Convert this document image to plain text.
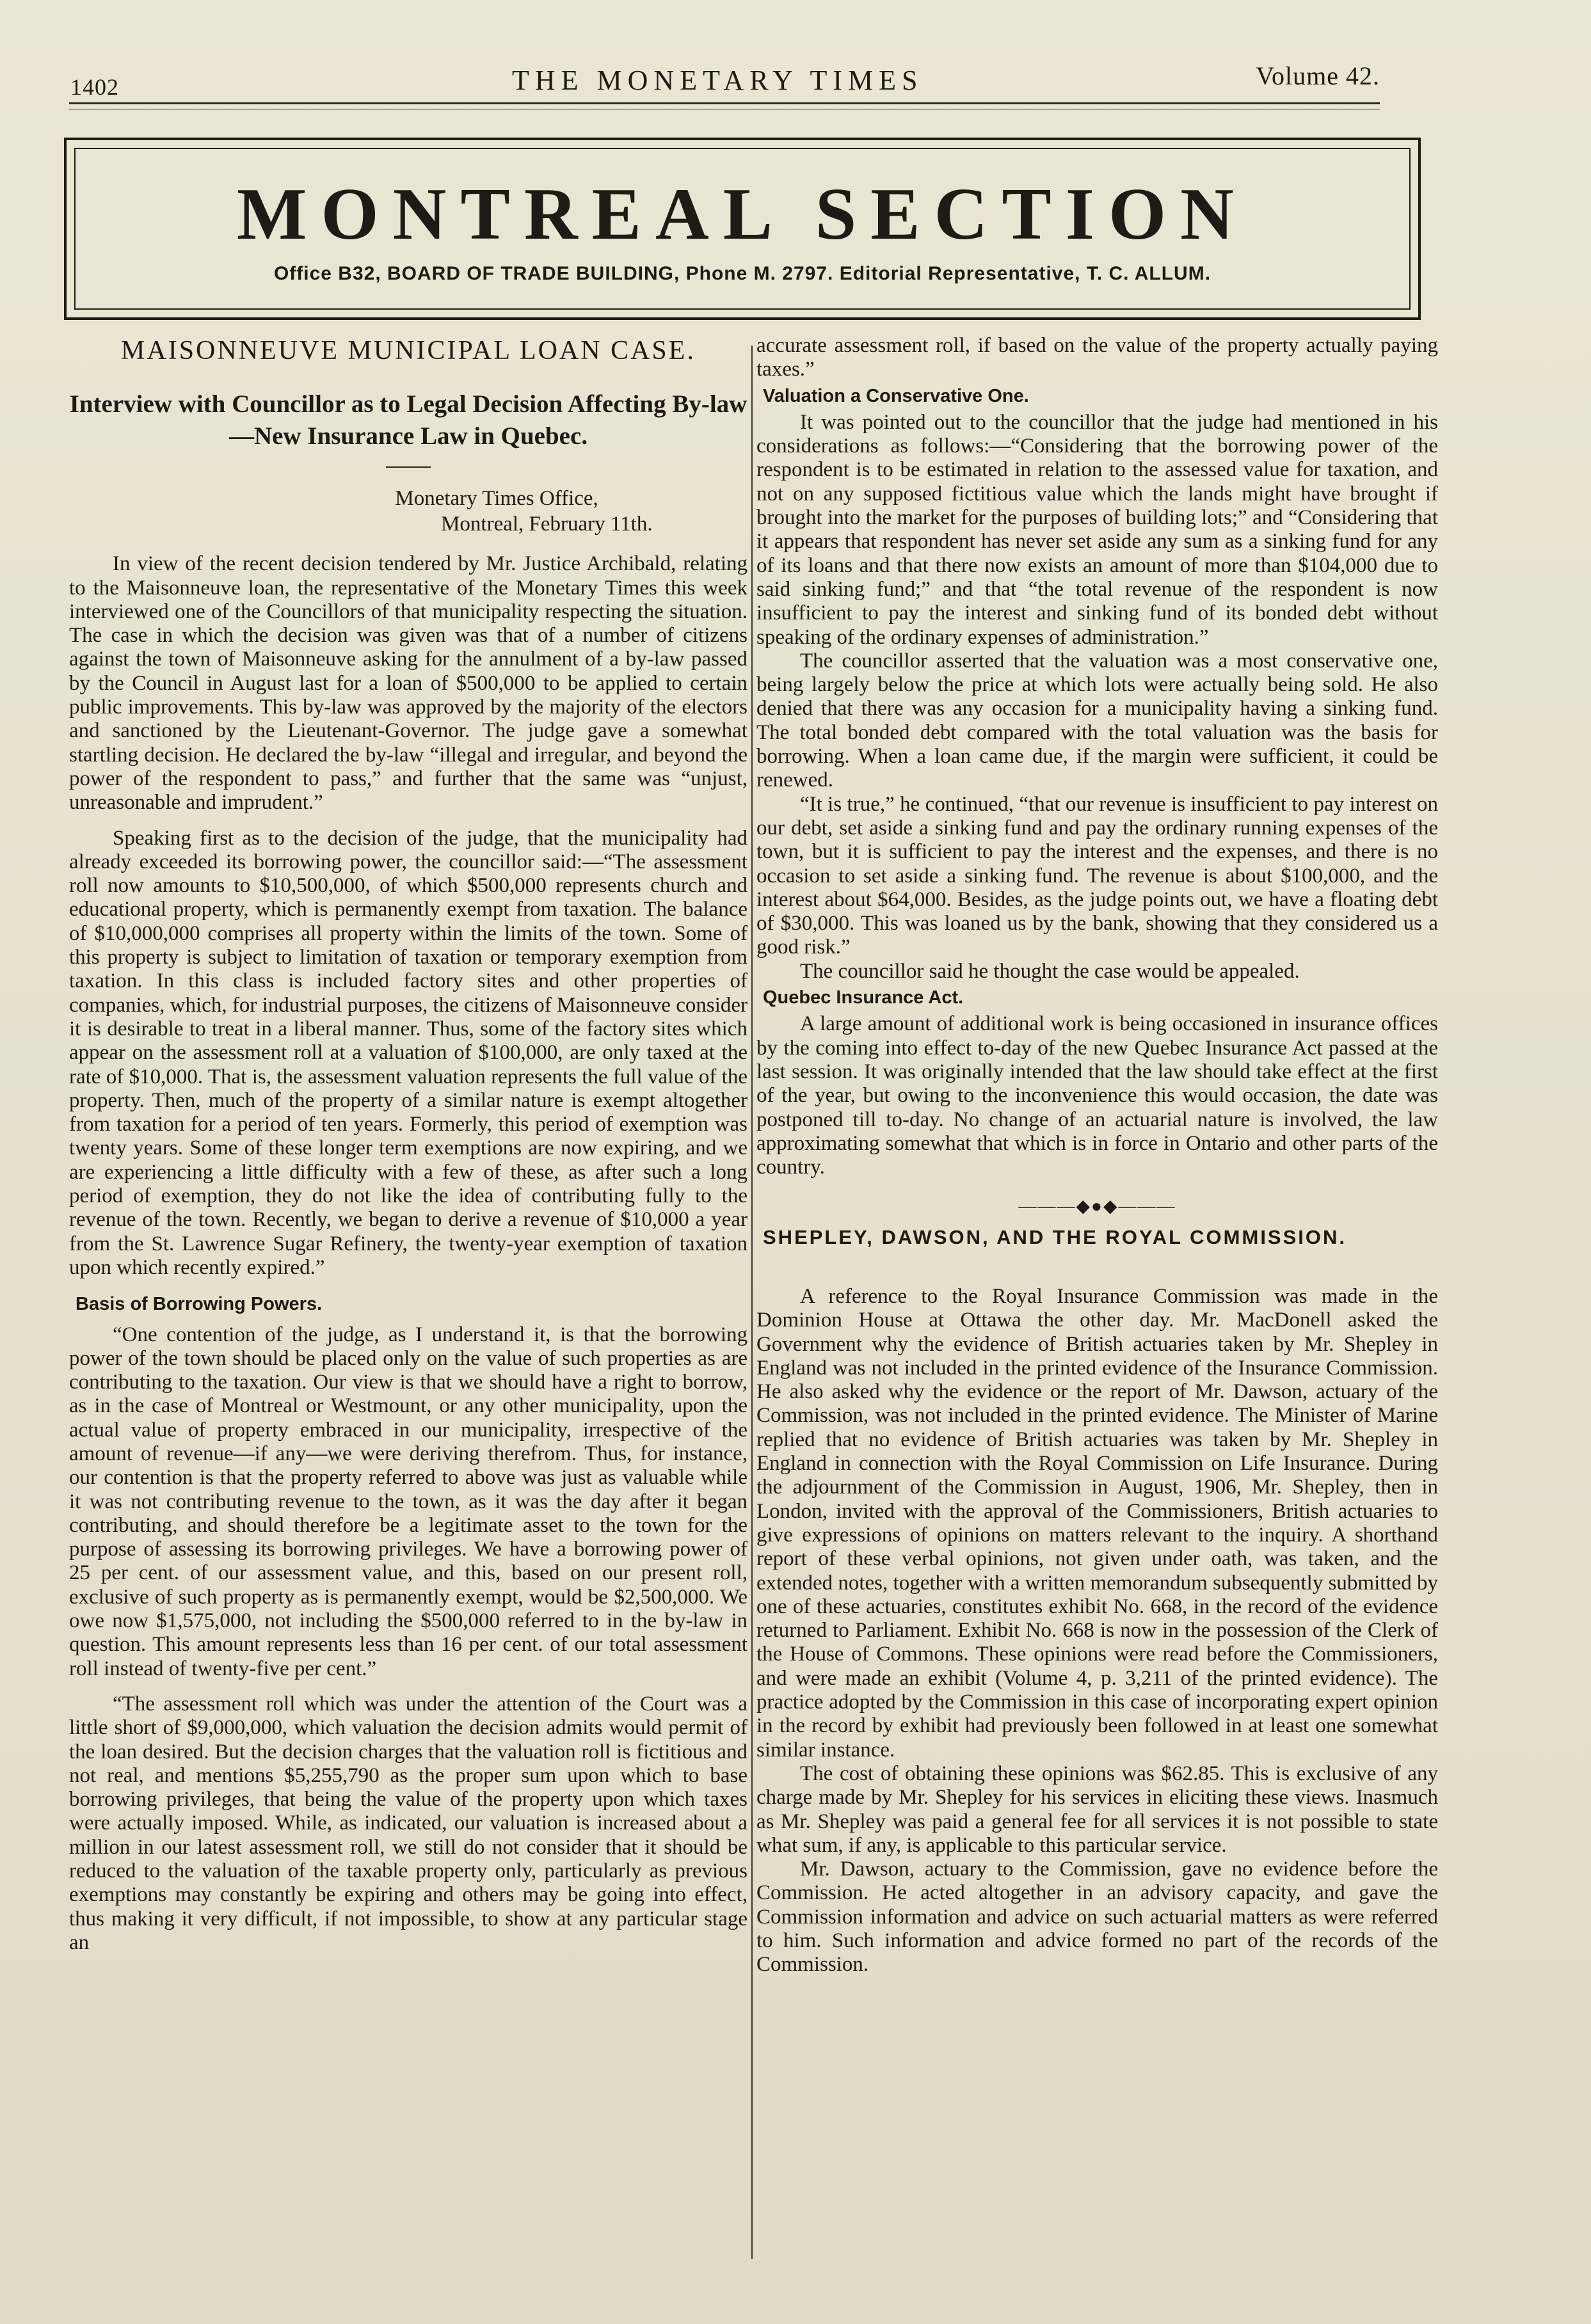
1402	THE MONETARY TIMES	Volume 42.
MONTREAL SECTION
Office B32, BOARD OF TRADE BUILDING, Phone M. 2797. Editorial Representative, T. C. ALLUM.
MAISONNEUVE MUNICIPAL LOAN CASE.
Interview with Councillor as to Legal Decision Affecting By-law—New Insurance Law in Quebec.
Monetary Times Office,
Montreal, February 11th.

In view of the recent decision tendered by Mr. Justice Archibald, relating to the Maisonneuve loan, the representative of the Monetary Times this week interviewed one of the Councillors of that municipality respecting the situation. The case in which the decision was given was that of a number of citizens against the town of Maisonneuve asking for the annulment of a by-law passed by the Council in August last for a loan of $500,000 to be applied to certain public improvements. This by-law was approved by the majority of the electors and sanctioned by the Lieutenant-Governor. The judge gave a somewhat startling decision. He declared the by-law “illegal and irregular, and beyond the power of the respondent to pass,” and further that the same was “unjust, unreasonable and imprudent.”

Speaking first as to the decision of the judge, that the municipality had already exceeded its borrowing power, the councillor said:—“The assessment roll now amounts to $10,500,000, of which $500,000 represents church and educational property, which is permanently exempt from taxation. The balance of $10,000,000 comprises all property within the limits of the town. Some of this property is subject to limitation of taxation or temporary exemption from taxation. In this class is included factory sites and other properties of companies, which, for industrial purposes, the citizens of Maisonneuve consider it is desirable to treat in a liberal manner. Thus, some of the factory sites which appear on the assessment roll at a valuation of $100,000, are only taxed at the rate of $10,000. That is, the assessment valuation represents the full value of the property. Then, much of the property of a similar nature is exempt altogether from taxation for a period of ten years. Formerly, this period of exemption was twenty years. Some of these longer term exemptions are now expiring, and we are experiencing a little difficulty with a few of these, as after such a long period of exemption, they do not like the idea of contributing fully to the revenue of the town. Recently, we began to derive a revenue of $10,000 a year from the St. Lawrence Sugar Refinery, the twenty-year exemption of taxation upon which recently expired.”

Basis of Borrowing Powers.

“One contention of the judge, as I understand it, is that the borrowing power of the town should be placed only on the value of such properties as are contributing to the taxation. Our view is that we should have a right to borrow, as in the case of Montreal or Westmount, or any other municipality, upon the actual value of property embraced in our municipality, irrespective of the amount of revenue—if any—we were deriving therefrom. Thus, for instance, our contention is that the property referred to above was just as valuable while it was not contributing revenue to the town, as it was the day after it began contributing, and should therefore be a legitimate asset to the town for the purpose of assessing its borrowing privileges. We have a borrowing power of 25 per cent. of our assessment value, and this, based on our present roll, exclusive of such property as is permanently exempt, would be $2,500,000. We owe now $1,575,000, not including the $500,000 referred to in the by-law in question. This amount represents less than 16 per cent. of our total assessment roll instead of twenty-five per cent.”

“The assessment roll which was under the attention of the Court was a little short of $9,000,000, which valuation the decision admits would permit of the loan desired. But the decision charges that the valuation roll is fictitious and not real, and mentions $5,255,790 as the proper sum upon which to base borrowing privileges, that being the value of the property upon which taxes were actually imposed. While, as indicated, our valuation is increased about a million in our latest assessment roll, we still do not consider that it should be reduced to the valuation of the taxable property only, particularly as previous exemptions may constantly be expiring and others may be going into effect, thus making it very difficult, if not impossible, to show at any particular stage an

accurate assessment roll, if based on the value of the property actually paying taxes.”

Valuation a Conservative One.

It was pointed out to the councillor that the judge had mentioned in his considerations as follows:—“Considering that the borrowing power of the respondent is to be estimated in relation to the assessed value for taxation, and not on any supposed fictitious value which the lands might have brought if brought into the market for the purposes of building lots;” and “Considering that it appears that respondent has never set aside any sum as a sinking fund for any of its loans and that there now exists an amount of more than $104,000 due to said sinking fund;” and that “the total revenue of the respondent is now insufficient to pay the interest and sinking fund of its bonded debt without speaking of the ordinary expenses of administration.”

The councillor asserted that the valuation was a most conservative one, being largely below the price at which lots were actually being sold. He also denied that there was any occasion for a municipality having a sinking fund. The total bonded debt compared with the total valuation was the basis for borrowing. When a loan came due, if the margin were sufficient, it could be renewed.

“It is true,” he continued, “that our revenue is insufficient to pay interest on our debt, set aside a sinking fund and pay the ordinary running expenses of the town, but it is sufficient to pay the interest and the expenses, and there is no occasion to set aside a sinking fund. The revenue is about $100,000, and the interest about $64,000. Besides, as the judge points out, we have a floating debt of $30,000. This was loaned us by the bank, showing that they considered us a good risk.”

The councillor said he thought the case would be appealed.

Quebec Insurance Act.

A large amount of additional work is being occasioned in insurance offices by the coming into effect to-day of the new Quebec Insurance Act passed at the last session. It was originally intended that the law should take effect at the first of the year, but owing to the inconvenience this would occasion, the date was postponed till to-day. No change of an actuarial nature is involved, the law approximating somewhat that which is in force in Ontario and other parts of the country.

———◆●◆———
SHEPLEY, DAWSON, AND THE ROYAL COMMISSION.

A reference to the Royal Insurance Commission was made in the Dominion House at Ottawa the other day. Mr. MacDonell asked the Government why the evidence of British actuaries taken by Mr. Shepley in England was not included in the printed evidence of the Insurance Commission. He also asked why the evidence or the report of Mr. Dawson, actuary of the Commission, was not included in the printed evidence. The Minister of Marine replied that no evidence of British actuaries was taken by Mr. Shepley in England in connection with the Royal Commission on Life Insurance. During the adjournment of the Commission in August, 1906, Mr. Shepley, then in London, invited with the approval of the Commissioners, British actuaries to give expressions of opinions on matters relevant to the inquiry. A shorthand report of these verbal opinions, not given under oath, was taken, and the extended notes, together with a written memorandum subsequently submitted by one of these actuaries, constitutes exhibit No. 668, in the record of the evidence returned to Parliament. Exhibit No. 668 is now in the possession of the Clerk of the House of Commons. These opinions were read before the Commissioners, and were made an exhibit (Volume 4, p. 3,211 of the printed evidence). The practice adopted by the Commission in this case of incorporating expert opinion in the record by exhibit had previously been followed in at least one somewhat similar instance.

The cost of obtaining these opinions was $62.85. This is exclusive of any charge made by Mr. Shepley for his services in eliciting these views. Inasmuch as Mr. Shepley was paid a general fee for all services it is not possible to state what sum, if any, is applicable to this particular service.

Mr. Dawson, actuary to the Commission, gave no evidence before the Commission. He acted altogether in an advisory capacity, and gave the Commission information and advice on such actuarial matters as were referred to him. Such information and advice formed no part of the records of the Commission.
